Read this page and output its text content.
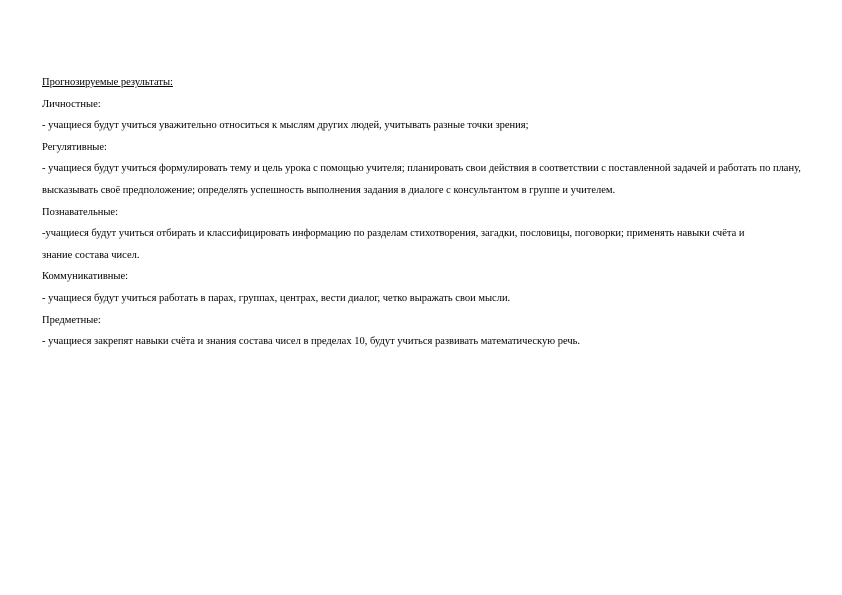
Прогнозируемые результаты:

Личностные:

- учащиеся будут учиться уважительно относиться к мыслям других людей, учитывать разные точки зрения;

Регулятивные:

- учащиеся будут учиться формулировать тему и цель урока с помощью учителя; планировать свои действия в соответствии с поставленной задачей и работать по плану, высказывать своё предположение; определять успешность выполнения задания в диалоге с консультантом в группе и учителем.

Познавательные:

-учащиеся будут учиться отбирать и классифицировать информацию по разделам стихотворения, загадки, пословицы, поговорки; применять навыки счёта и знание состава чисел.

Коммуникативные:

- учащиеся будут учиться работать в парах, группах, центрах, вести диалог, четко выражать свои мысли.

Предметные:

- учащиеся закрепят навыки счёта и знания состава чисел в пределах 10, будут учиться развивать математическую речь.
